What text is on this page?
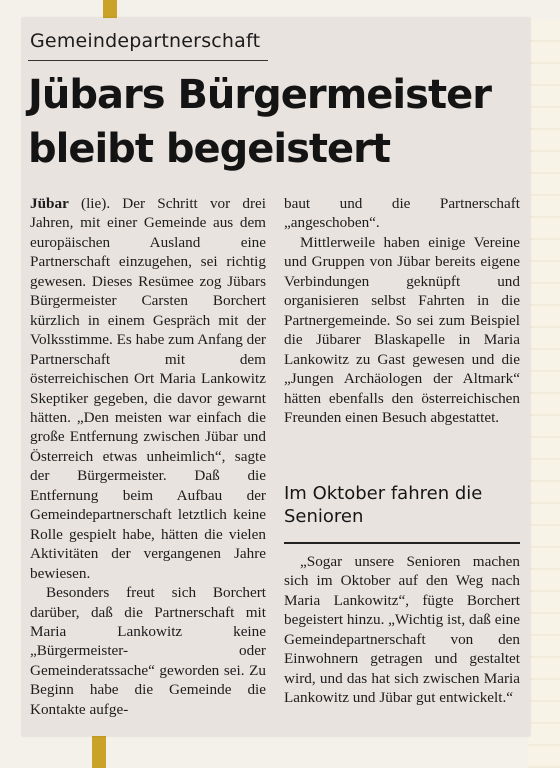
Gemeindepartnerschaft
Jübars Bürgermeister bleibt begeistert

Jübar (lie). Der Schritt vor drei Jahren, mit einer Gemeinde aus dem europäischen Ausland eine Partnerschaft einzugehen, sei richtig gewesen. Dieses Resümee zog Jübars Bürgermeister Carsten Borchert kürzlich in einem Gespräch mit der Volksstimme. Es habe zum Anfang der Partnerschaft mit dem österreichischen Ort Maria Lankowitz Skeptiker gegeben, die davor gewarnt hätten. „Den meisten war einfach die große Entfernung zwischen Jübar und Österreich etwas unheimlich“, sagte der Bürgermeister. Daß die Entfernung beim Aufbau der Gemeindepartnerschaft letztlich keine Rolle gespielt habe, hätten die vielen Aktivitäten der vergangenen Jahre bewiesen.

Besonders freut sich Borchert darüber, daß die Partnerschaft mit Maria Lankowitz keine „Bürgermeister- oder Gemeinderatssache“ geworden sei. Zu Beginn habe die Gemeinde die Kontakte aufge-

baut und die Partnerschaft „angeschoben“.

Mittlerweile haben einige Vereine und Gruppen von Jübar bereits eigene Verbindungen geknüpft und organisieren selbst Fahrten in die Partnergemeinde. So sei zum Beispiel die Jübarer Blaskapelle in Maria Lankowitz zu Gast gewesen und die „Jungen Archäologen der Altmark“ hätten ebenfalls den österreichischen Freunden einen Besuch abgestattet.

Im Oktober fahren die Senioren

„Sogar unsere Senioren machen sich im Oktober auf den Weg nach Maria Lankowitz“, fügte Borchert begeistert hinzu. „Wichtig ist, daß eine Gemeindepartnerschaft von den Einwohnern getragen und gestaltet wird, und das hat sich zwischen Maria Lankowitz und Jübar gut entwickelt.“
